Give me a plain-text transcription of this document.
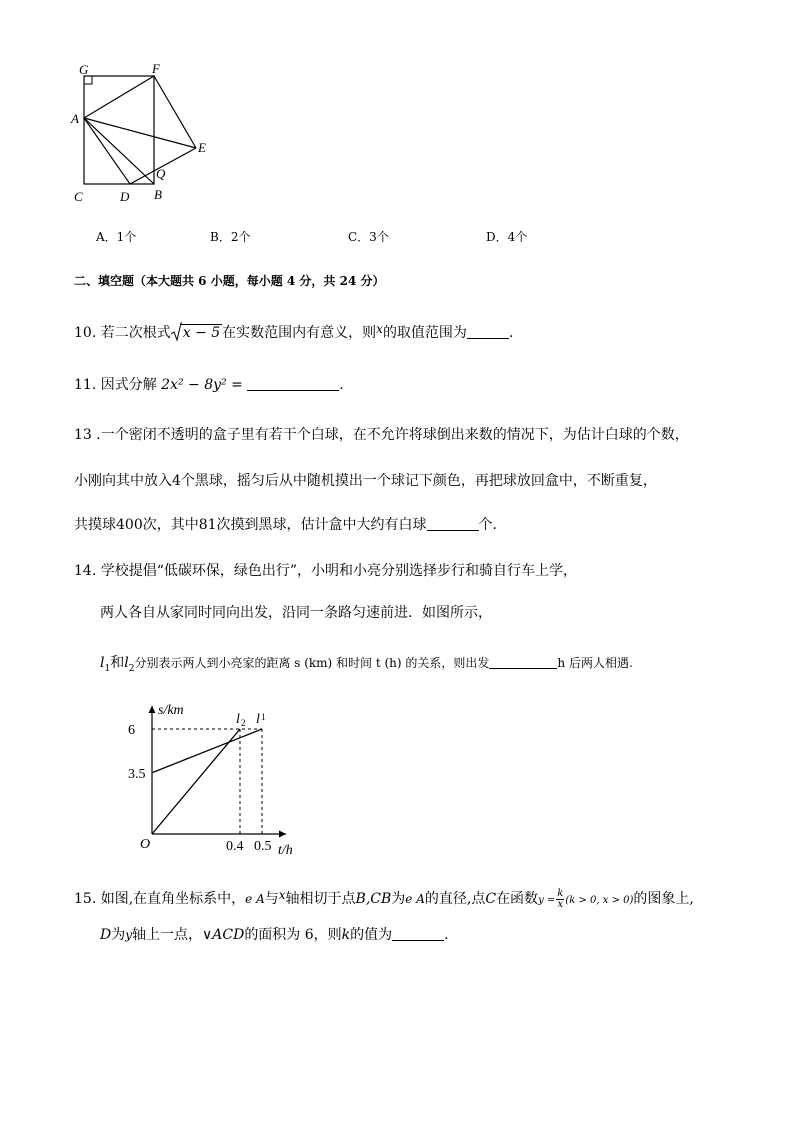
G	F
A
E
Q
C	D B
A．1个	B．2个	C．3个	D．4个
二、填空题（本大题共 6 小题，每小题 4 分，共 24 分）
10. 若二次根式 x − 5 在实数范围内有意义，则x的取值范围为	.
11. 因式分解 2x² − 8y² =	.
13 .一个密闭不透明的盒子里有若干个白球，在不允许将球倒出来数的情况下，为估计白球的个数，
小刚向其中放入4个黑球，摇匀后从中随机摸出一个球记下颜色，再把球放回盒中，不断重复，
共摸球400次，其中81次摸到黑球，估计盒中大约有白球	个.
14. 学校提倡“低碳环保，绿色出行”，小明和小亮分别选择步行和骑自行车上学，
两人各自从家同时同向出发，沿同一条路匀速前进．如图所示，
$l_1$和$l_2$分别表示两人到小亮家的距离 s (km) 和时间 t (h) 的关系，则出发	h 后两人相遇.
s/km
t/h
O
3.5
6
0.4 0.5
l 2 l 1
15. 如图,在直角坐标系中，e A与x轴相切于点B,CB为e A的直径,点C在函数$y = \frac{k}{x} (k > 0$, x > 0)的图象上,
D为y轴上一点，∨ACD的面积为 6，则k的值为	.
